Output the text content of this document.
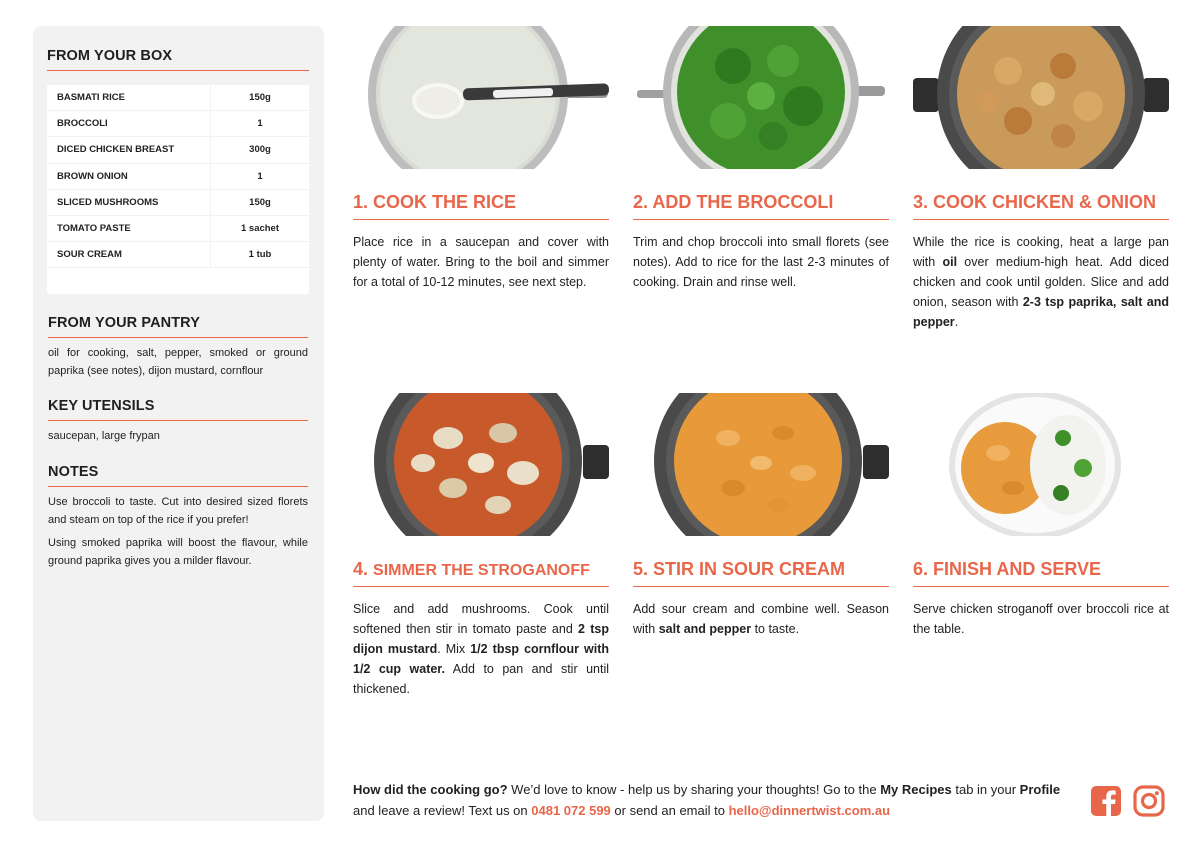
FROM YOUR BOX
BASMATI RICE	150g
BROCCOLI	1
DICED CHICKEN BREAST	300g
BROWN ONION	1
SLICED MUSHROOMS	150g
TOMATO PASTE	1 sachet
SOUR CREAM	1 tub
FROM YOUR PANTRY

oil for cooking, salt, pepper, smoked or ground paprika (see notes), dijon mustard, cornflour

KEY UTENSILS

saucepan, large frypan

NOTES

Use broccoli to taste. Cut into desired sized florets and steam on top of the rice if you prefer!

Using smoked paprika will boost the flavour, while ground paprika gives you a milder flavour.

1. COOK THE RICE

Place rice in a saucepan and cover with plenty of water. Bring to the boil and simmer for a total of 10-12 minutes, see next step.

2. ADD THE BROCCOLI

Trim and chop broccoli into small florets (see notes). Add to rice for the last 2-3 minutes of cooking. Drain and rinse well.

3. COOK CHICKEN & ONION

While the rice is cooking, heat a large pan with oil over medium-high heat. Add diced chicken and cook until golden. Slice and add onion, season with 2-3 tsp paprika, salt and pepper.

4. SIMMER THE STROGANOFF

Slice and add mushrooms. Cook until softened then stir in tomato paste and 2 tsp dijon mustard. Mix 1/2 tbsp cornflour with 1/2 cup water. Add to pan and stir until thickened.

5. STIR IN SOUR CREAM

Add sour cream and combine well. Season with salt and pepper to taste.

6. FINISH AND SERVE

Serve chicken stroganoff over broccoli rice at the table.

How did the cooking go? We’d love to know - help us by sharing your thoughts! Go to the My Recipes tab in your Profile and leave a review! Text us on 0481 072 599 or send an email to hello@dinnertwist.com.au
